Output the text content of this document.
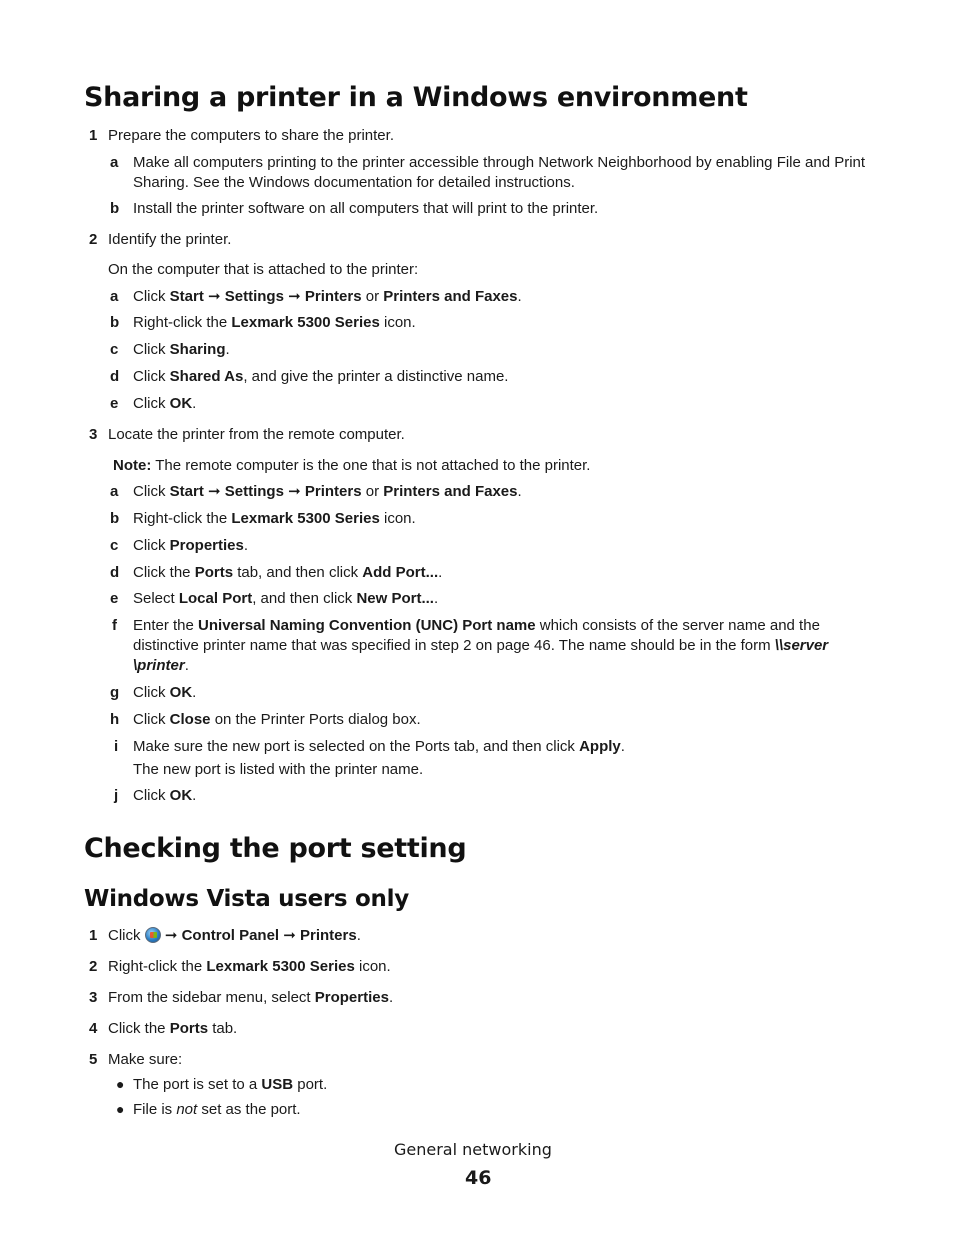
Sharing a printer in a Windows environment
1 Prepare the computers to share the printer.
a Make all computers printing to the printer accessible through Network Neighborhood by enabling File and Print Sharing. See the Windows documentation for detailed instructions.
b Install the printer software on all computers that will print to the printer.
2 Identify the printer.
On the computer that is attached to the printer:
a Click Start ➞ Settings ➞ Printers or Printers and Faxes.
b Right-click the Lexmark 5300 Series icon.
c Click Sharing.
d Click Shared As, and give the printer a distinctive name.
e Click OK.
3 Locate the printer from the remote computer.
Note: The remote computer is the one that is not attached to the printer.
a Click Start ➞ Settings ➞ Printers or Printers and Faxes.
b Right-click the Lexmark 5300 Series icon.
c Click Properties.
d Click the Ports tab, and then click Add Port....
e Select Local Port, and then click New Port....
f Enter the Universal Naming Convention (UNC) Port name which consists of the server name and the distinctive printer name that was specified in step 2 on page 46. The name should be in the form \\server
\printer.
g Click OK.
h Click Close on the Printer Ports dialog box.
i Make sure the new port is selected on the Ports tab, and then click Apply.
The new port is listed with the printer name.
j Click OK.
Checking the port setting
Windows Vista users only
1 Click  ➞ Control Panel ➞ Printers.
2 Right-click the Lexmark 5300 Series icon.
3 From the sidebar menu, select Properties.
4 Click the Ports tab.
5 Make sure:
● The port is set to a USB port.
● File is not set as the port.
General networking
46
